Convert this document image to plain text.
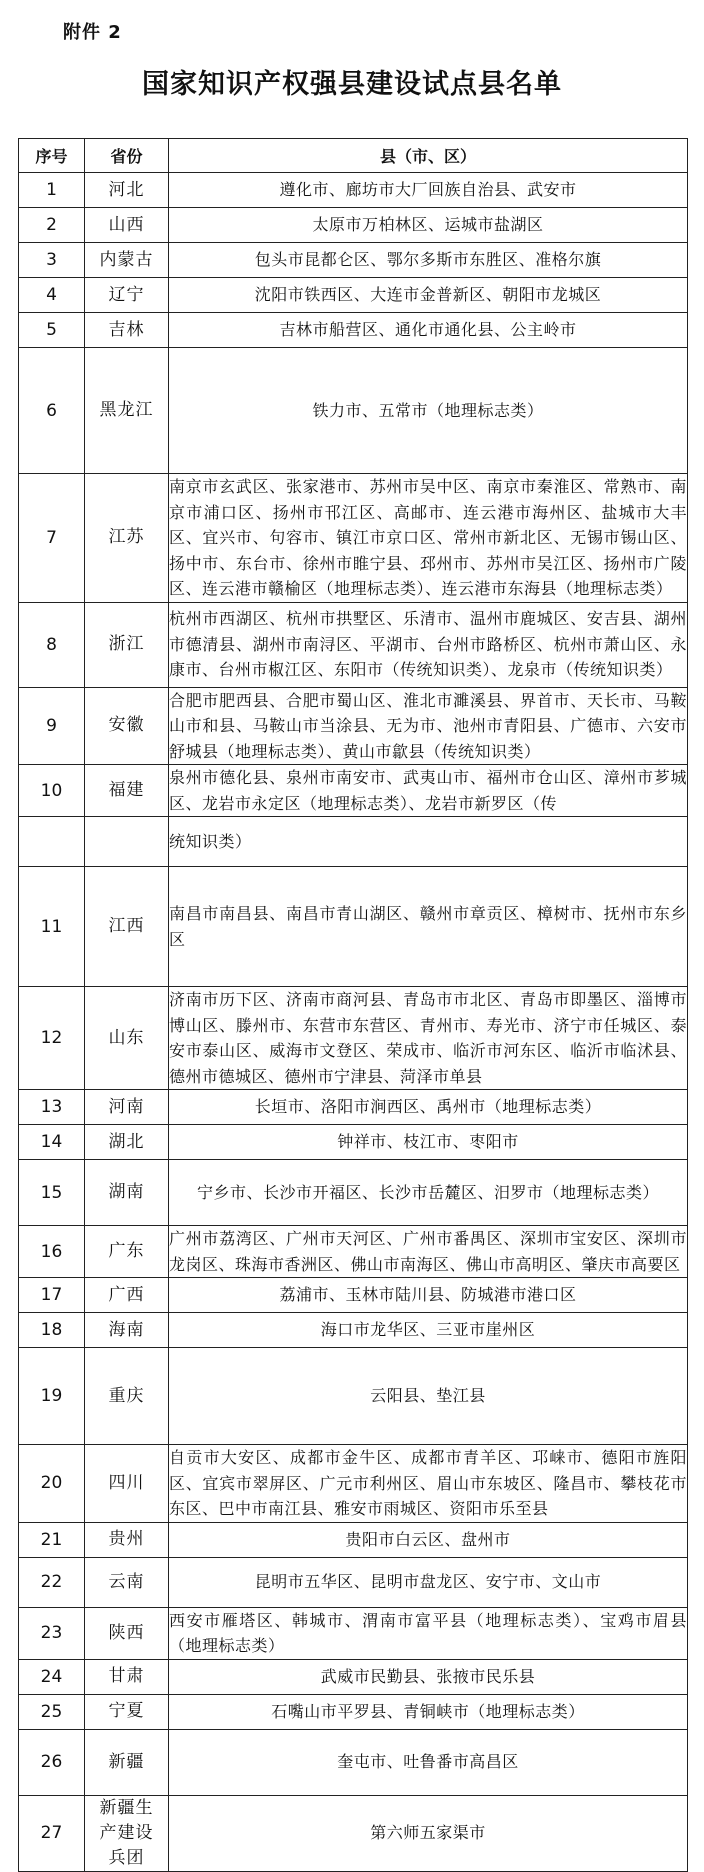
附件 2
国家知识产权强县建设试点县名单
序号	省份	县（市、区）
1	河北	遵化市、廊坊市大厂回族自治县、武安市
2	山西	太原市万柏林区、运城市盐湖区
3	内蒙古	包头市昆都仑区、鄂尔多斯市东胜区、准格尔旗
4	辽宁	沈阳市铁西区、大连市金普新区、朝阳市龙城区
5	吉林	吉林市船营区、通化市通化县、公主岭市
6	黑龙江	铁力市、五常市（地理标志类）
7	江苏	南京市玄武区、张家港市、苏州市吴中区、南京市秦淮区、常熟市、南京市浦口区、扬州市邗江区、高邮市、连云港市海州区、盐城市大丰区、宜兴市、句容市、镇江市京口区、常州市新北区、无锡市锡山区、扬中市、东台市、徐州市睢宁县、邳州市、苏州市吴江区、扬州市广陵区、连云港市赣榆区（地理标志类）、连云港市东海县（地理标志类）
8	浙江	杭州市西湖区、杭州市拱墅区、乐清市、温州市鹿城区、安吉县、湖州市德清县、湖州市南浔区、平湖市、台州市路桥区、杭州市萧山区、永康市、台州市椒江区、东阳市（传统知识类）、龙泉市（传统知识类）
9	安徽	合肥市肥西县、合肥市蜀山区、淮北市濉溪县、界首市、天长市、马鞍山市和县、马鞍山市当涂县、无为市、池州市青阳县、广德市、六安市舒城县（地理标志类）、黄山市歙县（传统知识类）
10	福建	泉州市德化县、泉州市南安市、武夷山市、福州市仓山区、漳州市芗城区、龙岩市永定区（地理标志类）、龙岩市新罗区（传

	统知识类）
11	江西	南昌市南昌县、南昌市青山湖区、赣州市章贡区、樟树市、抚州市东乡区
12	山东	济南市历下区、济南市商河县、青岛市市北区、青岛市即墨区、淄博市博山区、滕州市、东营市东营区、青州市、寿光市、济宁市任城区、泰安市泰山区、威海市文登区、荣成市、临沂市河东区、临沂市临沭县、德州市德城区、德州市宁津县、菏泽市单县
13	河南	长垣市、洛阳市涧西区、禹州市（地理标志类）
14	湖北	钟祥市、枝江市、枣阳市
15	湖南	宁乡市、长沙市开福区、长沙市岳麓区、汨罗市（地理标志类）
16	广东	广州市荔湾区、广州市天河区、广州市番禺区、深圳市宝安区、深圳市龙岗区、珠海市香洲区、佛山市南海区、佛山市高明区、肇庆市高要区
17	广西	荔浦市、玉林市陆川县、防城港市港口区
18	海南	海口市龙华区、三亚市崖州区
19	重庆	云阳县、垫江县
20	四川	自贡市大安区、成都市金牛区、成都市青羊区、邛崃市、德阳市旌阳区、宜宾市翠屏区、广元市利州区、眉山市东坡区、隆昌市、攀枝花市东区、巴中市南江县、雅安市雨城区、资阳市乐至县
21	贵州	贵阳市白云区、盘州市
22	云南	昆明市五华区、昆明市盘龙区、安宁市、文山市
23	陕西	西安市雁塔区、韩城市、渭南市富平县（地理标志类）、宝鸡市眉县（地理标志类）
24	甘肃	武威市民勤县、张掖市民乐县
25	宁夏	石嘴山市平罗县、青铜峡市（地理标志类）
26	新疆	奎屯市、吐鲁番市高昌区
27	新疆生产建设兵团	第六师五家渠市
